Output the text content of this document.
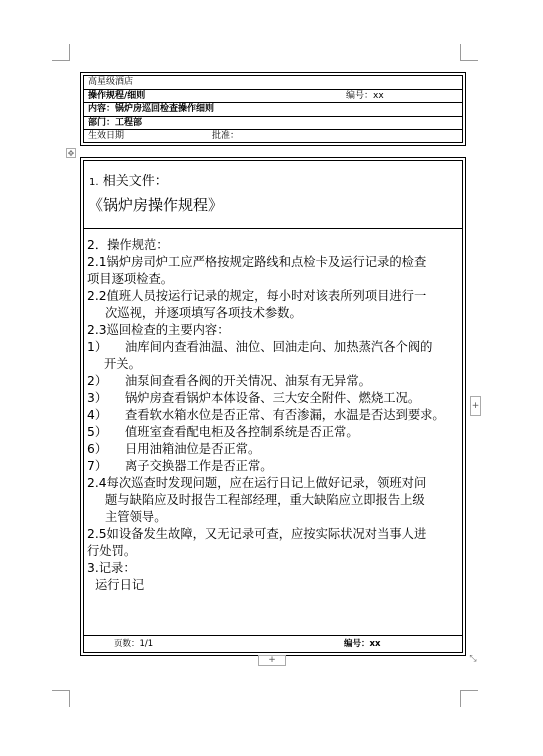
高星级酒店
操作规程/细则	编号：xx
内容：锅炉房巡回检查操作细则
部门：工程部
生效日期	批准：
✥
1. 相关文件：
《锅炉房操作规程》
2．操作规范：
2.1锅炉房司炉工应严格按规定路线和点检卡及运行记录的检查
项目逐项检查。
2.2值班人员按运行记录的规定，每小时对该表所列项目进行一
次巡视，并逐项填写各项技术参数。
2.3巡回检查的主要内容：
1） 油库间内查看油温、油位、回油走向、加热蒸汽各个阀的
开关。
2） 油泵间查看各阀的开关情况、油泵有无异常。
3） 锅炉房查看锅炉本体设备、三大安全附件、燃烧工况。
4） 查看软水箱水位是否正常、有否渗漏，水温是否达到要求。
5） 值班室查看配电柜及各控制系统是否正常。
6） 日用油箱油位是否正常。
7） 离子交换器工作是否正常。
2.4每次巡查时发现问题，应在运行日记上做好记录，领班对问
题与缺陷应及时报告工程部经理，重大缺陷应立即报告上级
主管领导。
2.5如设备发生故障，又无记录可查，应按实际状况对当事人进
行处罚。
3.记录：
运行日记
页数：1/1	编号：xx
+
+
⤡
